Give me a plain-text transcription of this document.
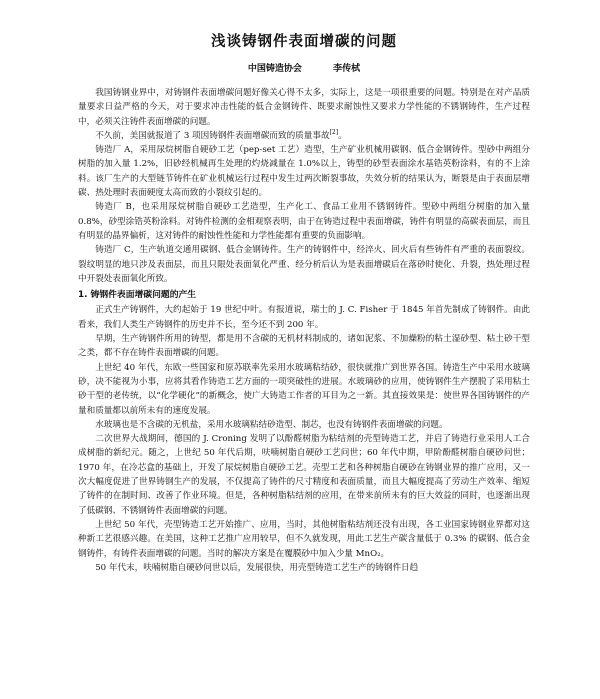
浅谈铸钢件表面增碳的问题
中国铸造协会	李传栻

我国铸钢业界中，对铸钢件表面增碳问题好像关心得不太多，实际上，这是一项很重要的问题。特别是在对产品质量要求日益严格的今天，对于要求冲击性能的低合金钢铸件、既要求耐蚀性又要求力学性能的不锈钢铸件，生产过程中，必须关注铸件表面增碳的问题。

不久前，美国就报道了 3 项因铸钢件表面增碳而致的质量事故[2]。

铸造厂 A，采用尿烷树脂自硬砂工艺（pep-set 工艺）造型，生产矿业机械用碳钢、低合金钢铸件。型砂中两组分树脂的加入量 1.2%，旧砂经机械再生处理的灼烧减量在 1.0%以上，铸型的砂型表面涂水基锆英粉涂料，有的不上涂料。该厂生产的大型链节铸件在矿业机械运行过程中发生过两次断裂事故，失效分析的结果认为，断裂是由于表面层增碳、热处理时表面硬度太高而致的小裂纹引起的。

铸造厂 B，也采用尿烷树脂自硬砂工艺造型，生产化工、食品工业用不锈钢铸件。型砂中两组分树脂的加入量 0.8%，砂型涂锆英粉涂料。对铸件检测的金相观察表明，由于在铸造过程中表面增碳，铸件有明显的高碳表面层，而且有明显的晶界偏析，这对铸件的耐蚀性性能和力学性能都有重要的负面影响。

铸造厂 C，生产轨道交通用碳钢、低合金钢铸件。生产的铸钢件中，经淬火、回火后有些铸件有严重的表面裂纹。裂纹明显的地只涉及表面层，而且只限处表面氧化严重、经分析后认为是表面增碳后在落砂时使化、升裂，热处理过程中开裂处表面氧化所致。

1. 铸钢件表面增碳问题的产生

正式生产铸钢件，大约起始于 19 世纪中叶。有报道说，瑞士的 J. C. Fisher 于 1845 年首先制成了铸钢件。由此看来，我们人类生产铸钢件的历史并不长，至今还不到 200 年。

早期，生产铸钢件所用的铸型，都是用不含碳的无机材料制成的，诸如泥浆、不加燥粉的粘土湿砂型、粘土砂干型之类，都不存在铸件表面增碳的问题。

上世纪 40 年代，东欧一些国家和原苏联率先采用水玻璃粘结砂，很快就推广到世界各国。铸造生产中采用水玻璃砂，决不能视为小事，应将其看作铸造工艺方面的一项突破性的进展。水玻璃砂的应用，使铸钢件生产摆脱了采用粘土砂干型的老传统，以“化学硬化”的新概念，使广大铸造工作者的耳目为之一新。其直接效果是：使世界各国铸钢件的产量和质量都以前所未有的速度发展。

水玻璃也是不含碳的无机盐，采用水玻璃粘结砂造型、制芯，也没有铸钢件表面增碳的问题。

二次世界大战期间，德国的 J. Croning 发明了以酚醛树脂为粘结剂的壳型铸造工艺，并启了铸造行业采用人工合成树脂的新纪元。随之，上世纪 50 年代后期，呋喃树脂自硬砂工艺问世；60 年代中期，甲阶酚醛树脂自硬砂问世；1970 年，在冷芯盒的基础上，开发了尿烷树脂自硬砂工艺。壳型工艺和各种树脂自硬砂在铸钢业界的推广应用，又一次大幅度促进了世界铸钢生产的发展，不仅提高了铸件的尺寸精度和表面质量，而且大幅度提高了劳动生产效率、缩短了铸件的在制时间、改善了作业环境。但是，各种树脂粘结剂的应用，在带来前所未有的巨大效益的同时，也逐渐出现了低碳钢、不锈钢铸件表面增碳的问题。

上世纪 50 年代，壳型铸造工艺开始推广、应用，当时，其他树脂粘结剂还没有出现，各工业国家铸钢业界都对这种新工艺很感兴趣。在美国，这种工艺推广应用较早，但不久就发现，用此工艺生产碳含量低于 0.3% 的碳钢、低合金钢铸件，有铸件表面增碳的问题。当时的解决方案是在覆膜砂中加入少量 MnO₂。

50 年代末，呋喃树脂自硬砂问世以后，发展很快，用壳型铸造工艺生产的铸钢件日趋
